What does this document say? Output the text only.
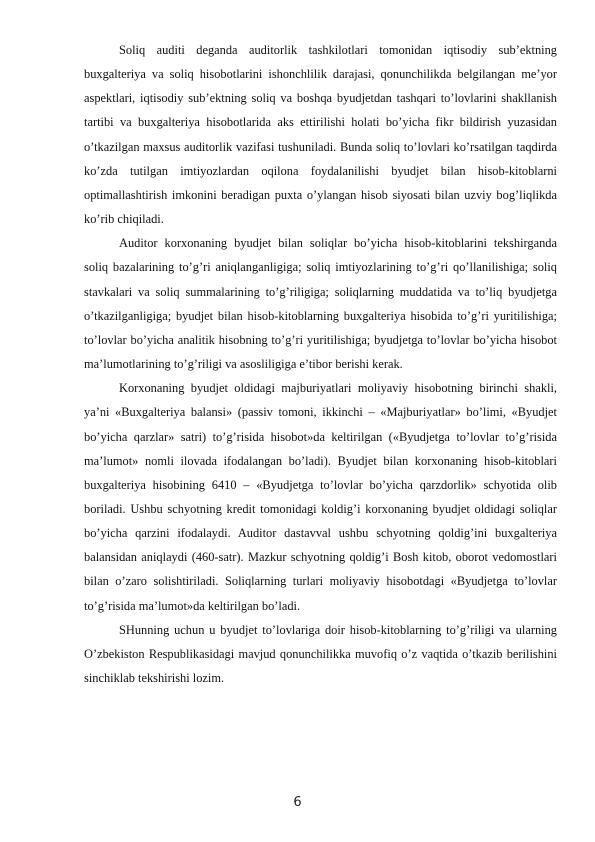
Soliq auditi deganda auditorlik tashkilotlari tomonidan iqtisodiy sub’ektning buxgalteriya va soliq hisobotlarini ishonchlilik darajasi, qonunchilikda belgilangan me’yor aspektlari, iqtisodiy sub’ektning soliq va boshqa byudjetdan tashqari to’lovlarini shakllanish tartibi va buxgalteriya hisobotlarida aks ettirilishi holati bo’yicha fikr bildirish yuzasidan o’tkazilgan maxsus auditorlik vazifasi tushuniladi. Bunda soliq to’lovlari ko’rsatilgan taqdirda ko’zda tutilgan imtiyozlardan oqilona foydalanilishi byudjet bilan hisob-kitoblarni optimallashtirish imkonini beradigan puxta o’ylangan hisob siyosati bilan uzviy bog’liqlikda ko’rib chiqiladi.

Auditor korxonaning byudjet bilan soliqlar bo’yicha hisob-kitoblarini tekshirganda soliq bazalarining to’g’ri aniqlanganligiga; soliq imtiyozlarining to’g’ri qo’llanilishiga; soliq stavkalari va soliq summalarining to’g’riligiga; soliqlarning muddatida va to’liq byudjetga o’tkazilganligiga; byudjet bilan hisob-kitoblarning buxgalteriya hisobida to’g’ri yuritilishiga; to’lovlar bo’yicha analitik hisobning to’g’ri yuritilishiga; byudjetga to’lovlar bo’yicha hisobot ma’lumotlarining to’g’riligi va asosliligiga e’tibor berishi kerak.

Korxonaning byudjet oldidagi majburiyatlari moliyaviy hisobotning birinchi shakli, ya’ni «Buxgalteriya balansi» (passiv tomoni, ikkinchi – «Majburiyatlar» bo’limi, «Byudjet bo’yicha qarzlar» satri) to’g’risida hisobot»da keltirilgan («Byudjetga to’lovlar to’g’risida ma’lumot» nomli ilovada ifodalangan bo’ladi). Byudjet bilan korxonaning hisob-kitoblari buxgalteriya hisobining 6410 – «Byudjetga to’lovlar bo’yicha qarzdorlik» schyotida olib boriladi. Ushbu schyotning kredit tomonidagi koldig’i korxonaning byudjet oldidagi soliqlar bo’yicha qarzini ifodalaydi. Auditor dastavval ushbu schyotning qoldig’ini buxgalteriya balansidan aniqlaydi (460-satr). Mazkur schyotning qoldig’i Bosh kitob, oborot vedomostlari bilan o’zaro solishtiriladi. Soliqlarning turlari moliyaviy hisobotdagi «Byudjetga to’lovlar to’g’risida ma’lumot»da keltirilgan bo’ladi.

SHunning uchun u byudjet to’lovlariga doir hisob-kitoblarning to’g’riligi va ularning O’zbekiston Respublikasidagi mavjud qonunchilikka muvofiq o’z vaqtida o’tkazib berilishini sinchiklab tekshirishi lozim.

6
